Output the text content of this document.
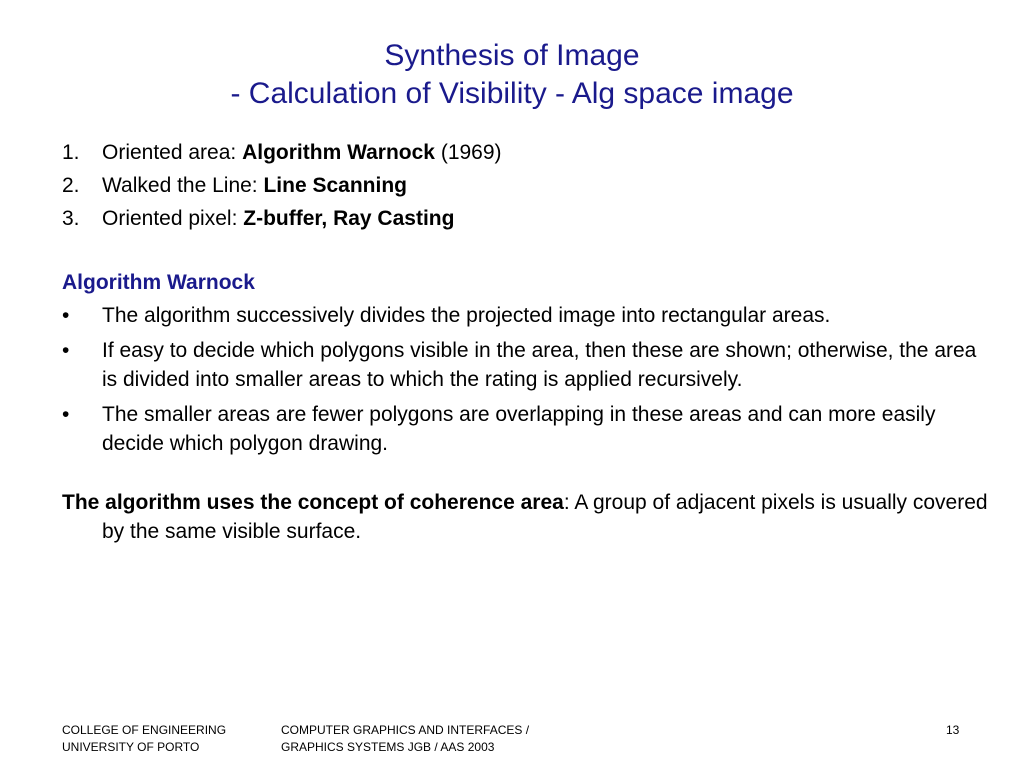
Synthesis of Image
- Calculation of Visibility - Alg space image
1. Oriented area: Algorithm Warnock (1969)
2. Walked the Line: Line Scanning
3. Oriented pixel: Z-buffer, Ray Casting
Algorithm Warnock
• The algorithm successively divides the projected image into rectangular areas.
• If easy to decide which polygons visible in the area, then these are shown; otherwise, the area is divided into smaller areas to which the rating is applied recursively.
• The smaller areas are fewer polygons are overlapping in these areas and can more easily decide which polygon drawing.
The algorithm uses the concept of coherence area: A group of adjacent pixels is usually covered by the same visible surface.
COLLEGE OF ENGINEERING
UNIVERSITY OF PORTO
COMPUTER GRAPHICS AND INTERFACES /
GRAPHICS SYSTEMS JGB / AAS 2003
13
